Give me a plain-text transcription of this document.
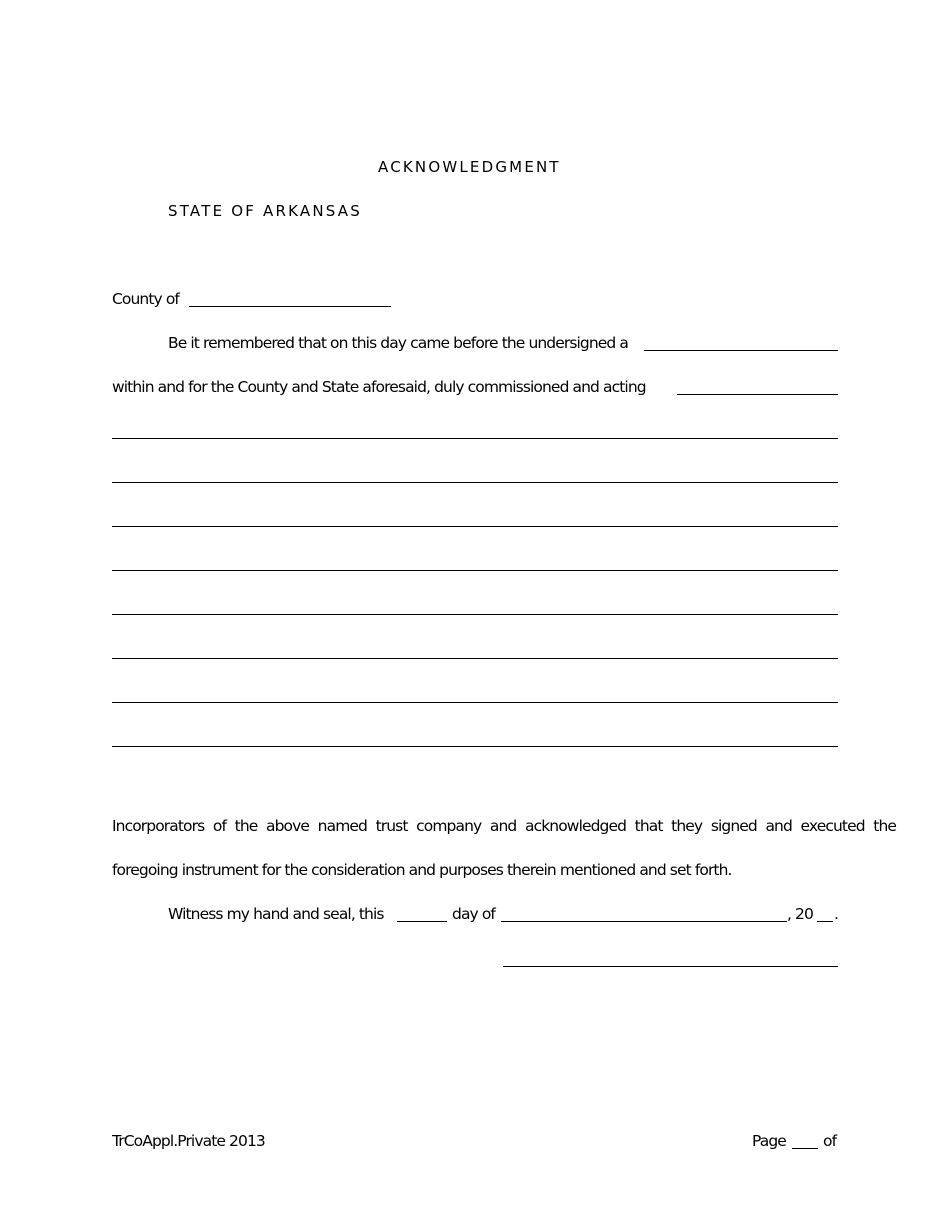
ACKNOWLEDGMENT
STATE OF ARKANSAS
County of
Be it remembered that on this day came before the undersigned a
within and for the County and State aforesaid, duly commissioned and acting
Incorporators of the above named trust company and acknowledged that they signed and executed the
foregoing instrument for the consideration and purposes therein mentioned and set forth.
Witness my hand and seal, this	day of	, 20 .
TrCoAppl.Private 2013	Page of
